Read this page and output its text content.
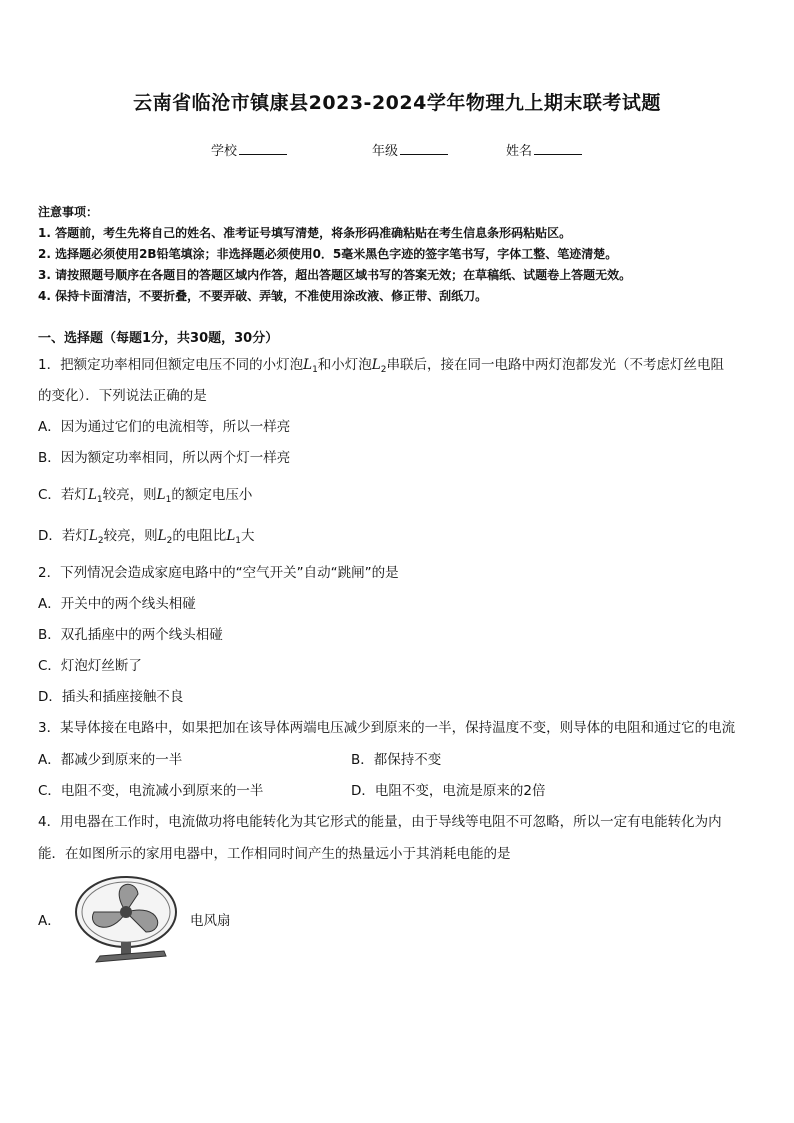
云南省临沧市镇康县2023-2024学年物理九上期末联考试题
学校	年级	姓名
注意事项：
1. 答题前，考生先将自己的姓名、准考证号填写清楚，将条形码准确粘贴在考生信息条形码粘贴区。
2. 选择题必须使用2B铅笔填涂；非选择题必须使用0．5毫米黑色字迹的签字笔书写，字体工整、笔迹清楚。
3. 请按照题号顺序在各题目的答题区域内作答，超出答题区域书写的答案无效；在草稿纸、试题卷上答题无效。
4. 保持卡面清洁，不要折叠，不要弄破、弄皱，不准使用涂改液、修正带、刮纸刀。
一、选择题（每题1分，共30题，30分）
1．把额定功率相同但额定电压不同的小灯泡$L_1$和小灯泡$L_2$串联后，接在同一电路中两灯泡都发光（不考虑灯丝电阻
的变化）．下列说法正确的是
A．因为通过它们的电流相等，所以一样亮
B．因为额定功率相同，所以两个灯一样亮
C．若灯$L_1$较亮，则$L_1$的额定电压小
D．若灯$L_2$较亮，则$L_2$的电阻比$L_1$大
2．下列情况会造成家庭电路中的“空气开关”自动“跳闸”的是
A．开关中的两个线头相碰
B．双孔插座中的两个线头相碰
C．灯泡灯丝断了
D．插头和插座接触不良
3．某导体接在电路中，如果把加在该导体两端电压减少到原来的一半，保持温度不变，则导体的电阻和通过它的电流
A．都减少到原来的一半	B．都保持不变
C．电阻不变，电流减小到原来的一半	D．电阻不变，电流是原来的2倍
4．用电器在工作时，电流做功将电能转化为其它形式的能量，由于导线等电阻不可忽略，所以一定有电能转化为内
能．在如图所示的家用电器中，工作相同时间产生的热量远小于其消耗电能的是
A．	电风扇
